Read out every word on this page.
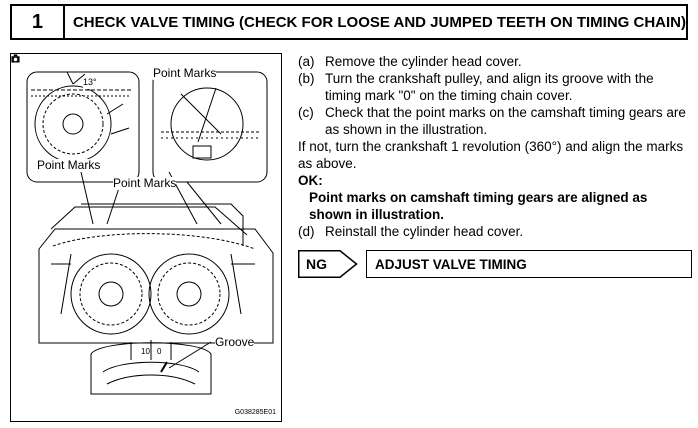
1	CHECK VALVE TIMING (CHECK FOR LOOSE AND JUMPED TEETH ON TIMING CHAIN)
13°
Point Marks
Point Marks
Point Marks
10 0
Groove
G038285E01
(a) Remove the cylinder head cover.
(b) Turn the crankshaft pulley, and align its groove with the timing mark "0" on the timing chain cover.
(c) Check that the point marks on the camshaft timing gears are as shown in the illustration.

If not, turn the crankshaft 1 revolution (360°) and align the marks as above.

OK:
Point marks on camshaft timing gears are aligned as shown in illustration.
(d) Reinstall the cylinder head cover.
NG	ADJUST VALVE TIMING
